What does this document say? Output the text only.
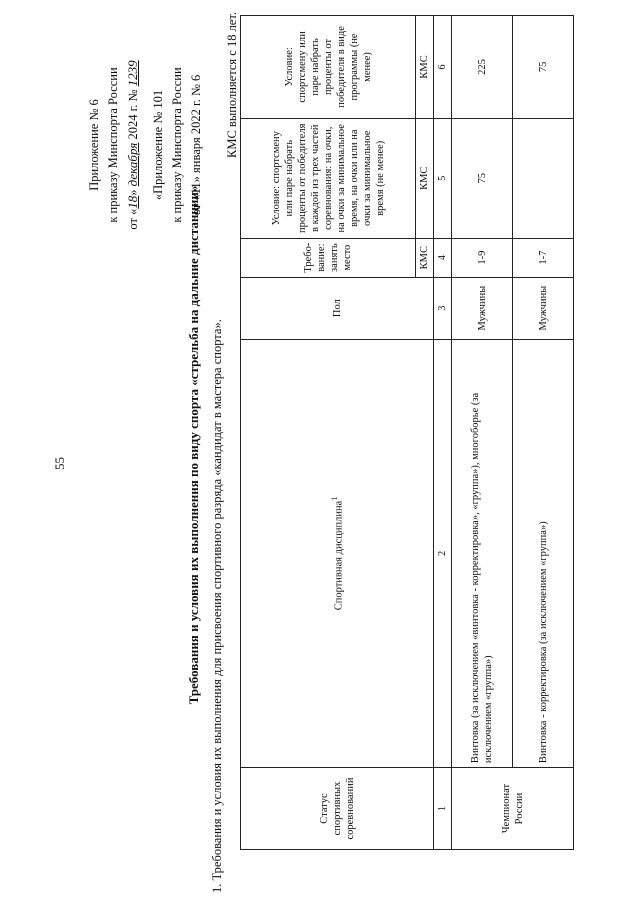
55
Приложение № 6 к приказу Минспорта России от «18» декабря 2024 г. № 1239
«Приложение № 101 к приказу Минспорта России от «11» января 2022 г. № 6
Требования и условия их выполнения по виду спорта «стрельба на дальние дистанции» 1. Требования и условия их выполнения для присвоения спортивного разряда «кандидат в мастера спорта».
КМС выполняется с 18 лет.
Статус спортивных соревнований	Спортивная дисциплина$^1$	Пол	Требо-вание: занять место	Условие: спортсмену или паре набрать проценты от победителя в каждой из трех частей соревнования: на очки, на очки за минимальное время, на очки или на очки за минимальное время (не менее)	Условие: спортсмену или паре набрать проценты от победителя в виде программы (не менее)
			КМС	КМС	КМС
1	2	3	4	5	6
Чемпионат России	Винтовка (за исключением «винтовка - корректировка», «группа»), многоборье (за исключением «группа»)	Мужчины	1-9	75	225
	Винтовка - корректировка (за исключением «группа»)	Мужчины	1-7		75
